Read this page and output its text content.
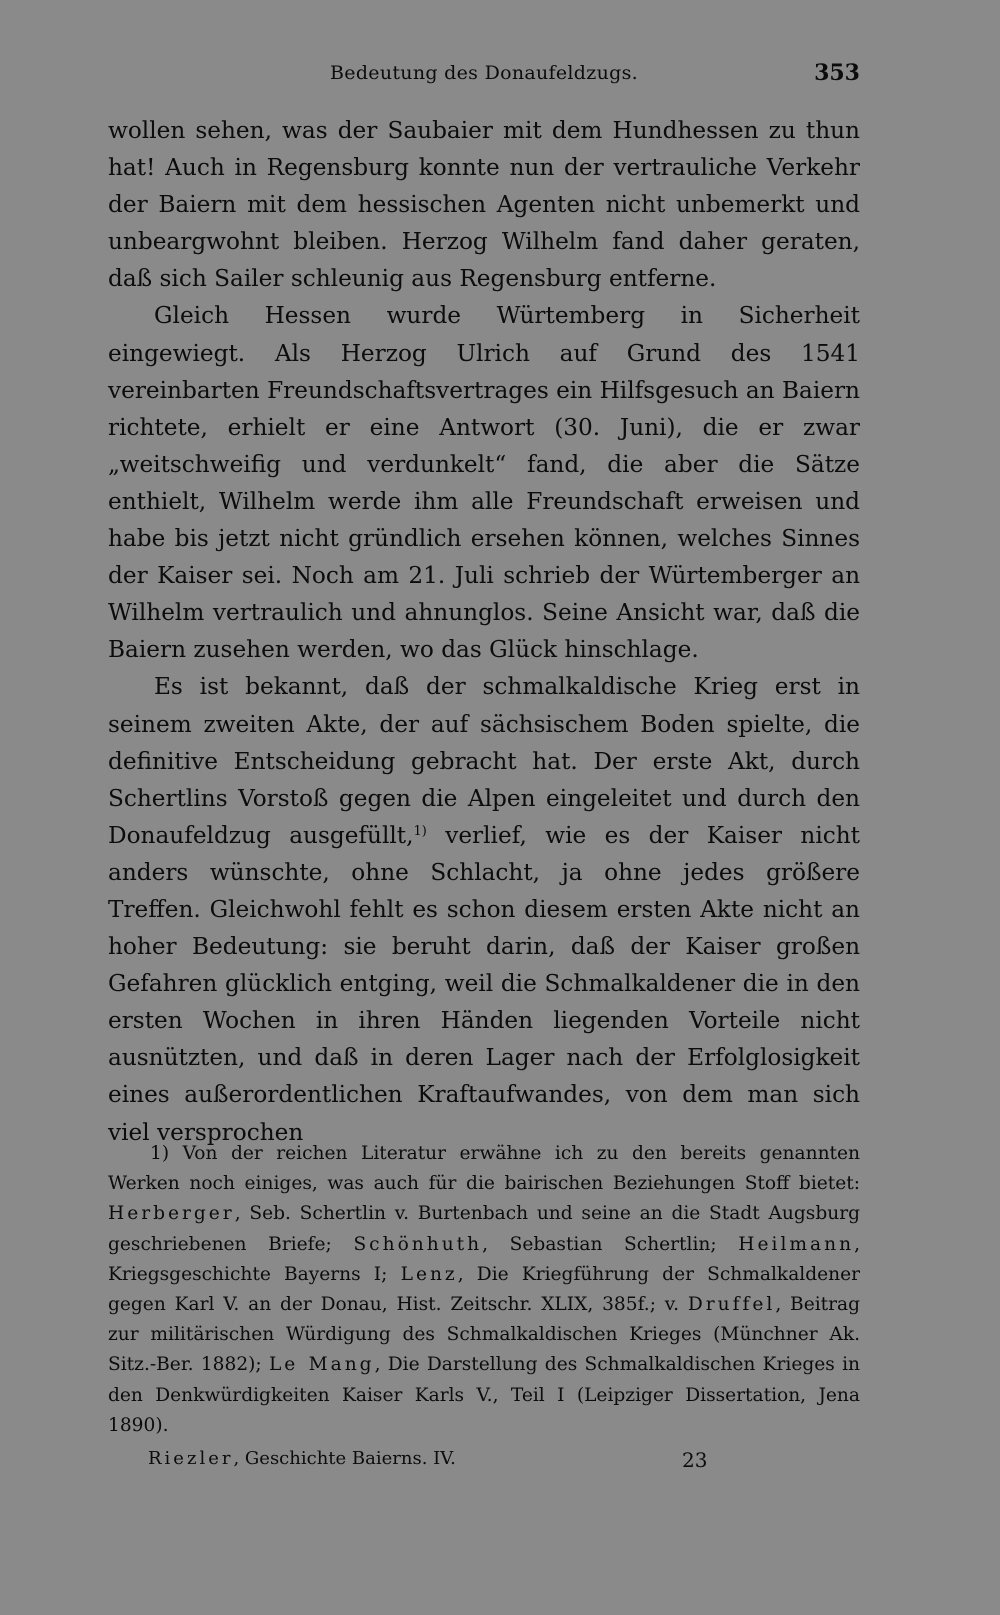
Bedeutung des Donaufeldzugs.	353

wollen sehen, was der Saubaier mit dem Hundhessen zu thun hat! Auch in Regensburg konnte nun der vertrauliche Verkehr der Baiern mit dem hessischen Agenten nicht unbemerkt und unbeargwohnt bleiben. Herzog Wilhelm fand daher geraten, daß sich Sailer schleunig aus Regensburg entferne.

Gleich Hessen wurde Würtemberg in Sicherheit eingewiegt. Als Herzog Ulrich auf Grund des 1541 vereinbarten Freundschaftsvertrages ein Hilfsgesuch an Baiern richtete, erhielt er eine Antwort (30. Juni), die er zwar „weitschweifig und verdunkelt“ fand, die aber die Sätze enthielt, Wilhelm werde ihm alle Freundschaft erweisen und habe bis jetzt nicht gründlich ersehen können, welches Sinnes der Kaiser sei. Noch am 21. Juli schrieb der Würtemberger an Wilhelm vertraulich und ahnunglos. Seine Ansicht war, daß die Baiern zusehen werden, wo das Glück hinschlage.

Es ist bekannt, daß der schmalkaldische Krieg erst in seinem zweiten Akte, der auf sächsischem Boden spielte, die definitive Entscheidung gebracht hat. Der erste Akt, durch Schertlins Vorstoß gegen die Alpen eingeleitet und durch den Donaufeldzug ausgefüllt,$^{1)}$ verlief, wie es der Kaiser nicht anders wünschte, ohne Schlacht, ja ohne jedes größere Treffen. Gleichwohl fehlt es schon diesem ersten Akte nicht an hoher Bedeutung: sie beruht darin, daß der Kaiser großen Gefahren glücklich entging, weil die Schmalkaldener die in den ersten Wochen in ihren Händen liegenden Vorteile nicht ausnützten, und daß in deren Lager nach der Erfolglosigkeit eines außerordentlichen Kraftaufwandes, von dem man sich viel versprochen

1) Von der reichen Literatur erwähne ich zu den bereits genannten Werken noch einiges, was auch für die bairischen Beziehungen Stoff bietet: Herberger, Seb. Schertlin v. Burtenbach und seine an die Stadt Augsburg geschriebenen Briefe; Schönhuth, Sebastian Schertlin; Heilmann, Kriegsgeschichte Bayerns I; Lenz, Die Kriegführung der Schmalkaldener gegen Karl V. an der Donau, Hist. Zeitschr. XLIX, 385f.; v. Druffel, Beitrag zur militärischen Würdigung des Schmalkaldischen Krieges (Münchner Ak. Sitz.-Ber. 1882); Le Mang, Die Darstellung des Schmalkaldischen Krieges in den Denkwürdigkeiten Kaiser Karls V., Teil I (Leipziger Dissertation, Jena 1890).

Riezler, Geschichte Baierns. IV.	23
